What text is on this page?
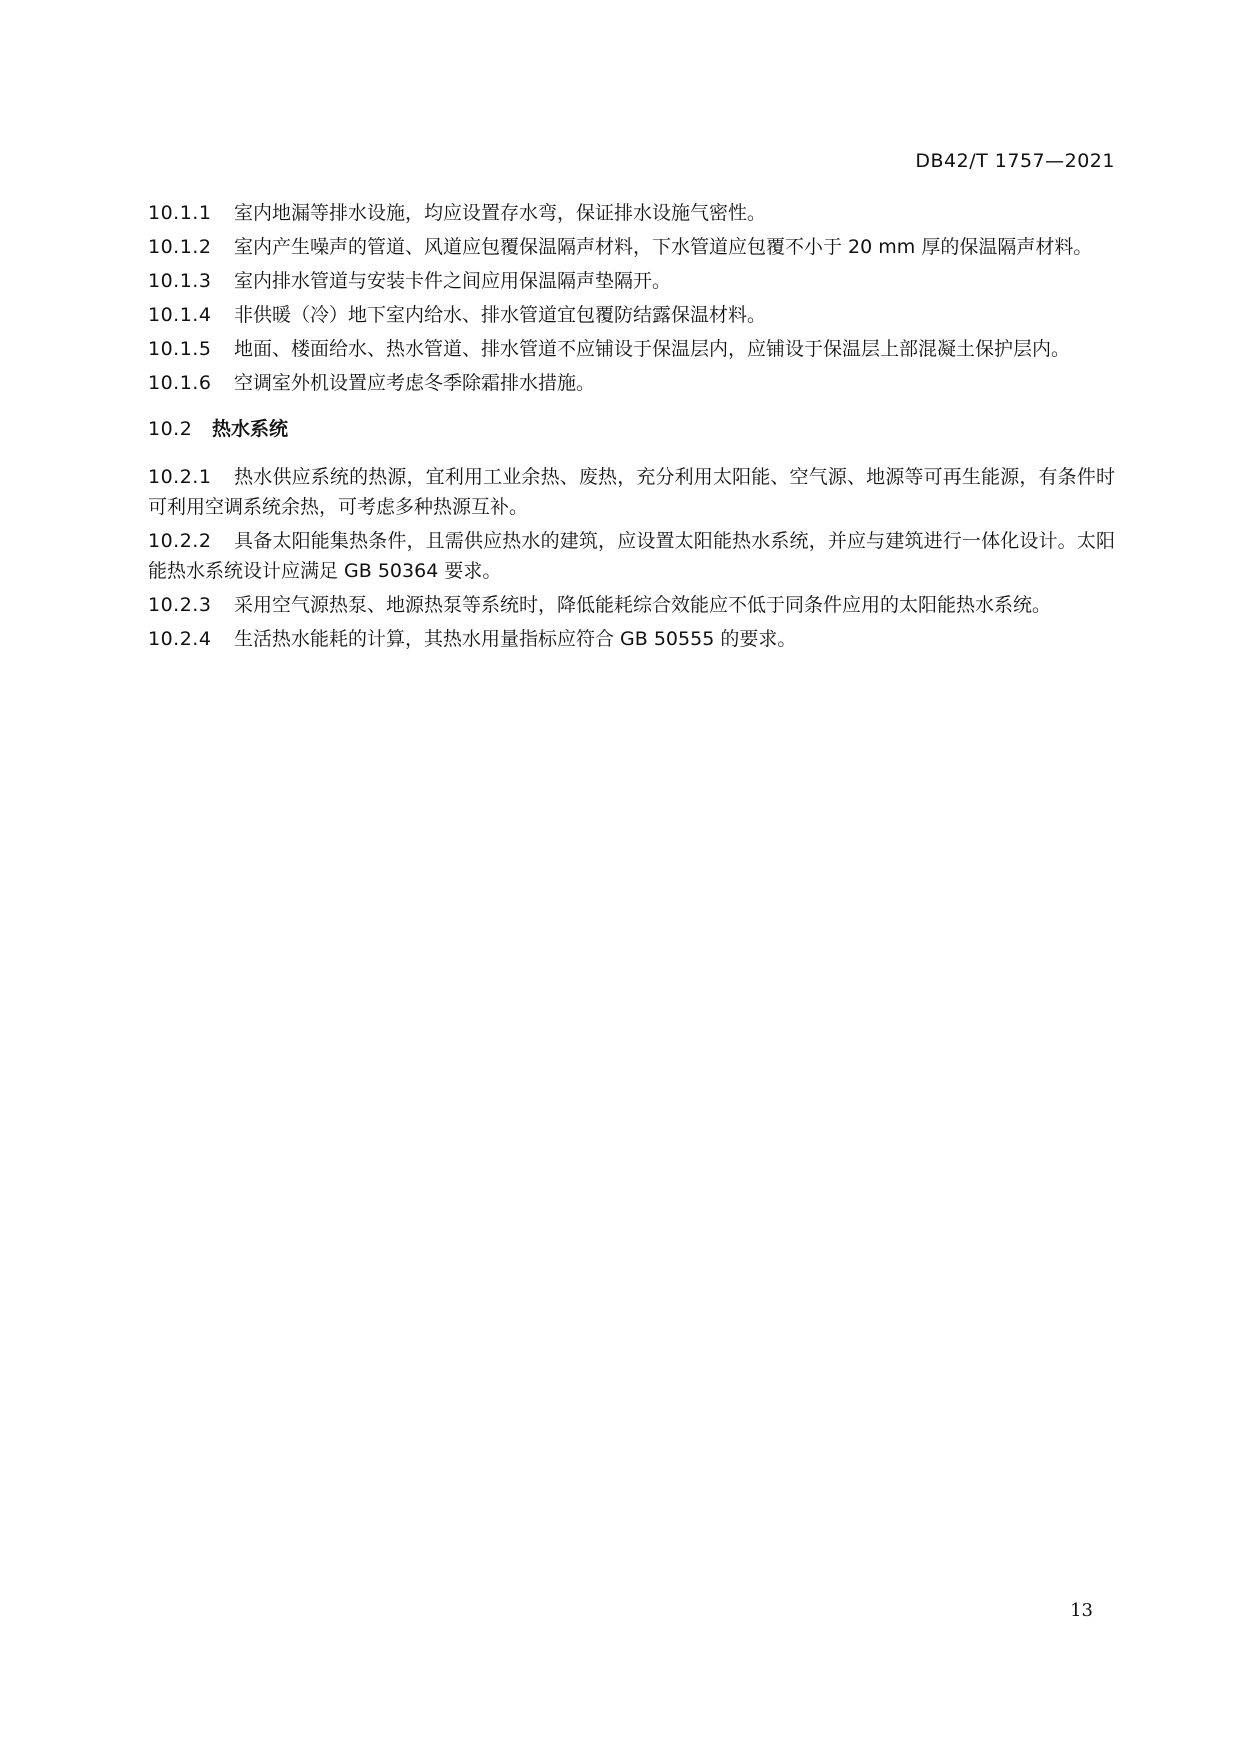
DB42/T 1757—2021

10.1.1 室内地漏等排水设施，均应设置存水弯，保证排水设施气密性。

10.1.2 室内产生噪声的管道、风道应包覆保温隔声材料，下水管道应包覆不小于 20 mm 厚的保温隔声材料。

10.1.3 室内排水管道与安装卡件之间应用保温隔声垫隔开。

10.1.4 非供暖（冷）地下室内给水、排水管道宜包覆防结露保温材料。

10.1.5 地面、楼面给水、热水管道、排水管道不应铺设于保温层内，应铺设于保温层上部混凝土保护层内。

10.1.6 空调室外机设置应考虑冬季除霜排水措施。

10.2 热水系统

10.2.1 热水供应系统的热源，宜利用工业余热、废热，充分利用太阳能、空气源、地源等可再生能源，有条件时可利用空调系统余热，可考虑多种热源互补。

10.2.2 具备太阳能集热条件，且需供应热水的建筑，应设置太阳能热水系统，并应与建筑进行一体化设计。太阳能热水系统设计应满足 GB 50364 要求。

10.2.3 采用空气源热泵、地源热泵等系统时，降低能耗综合效能应不低于同条件应用的太阳能热水系统。

10.2.4 生活热水能耗的计算，其热水用量指标应符合 GB 50555 的要求。

13
